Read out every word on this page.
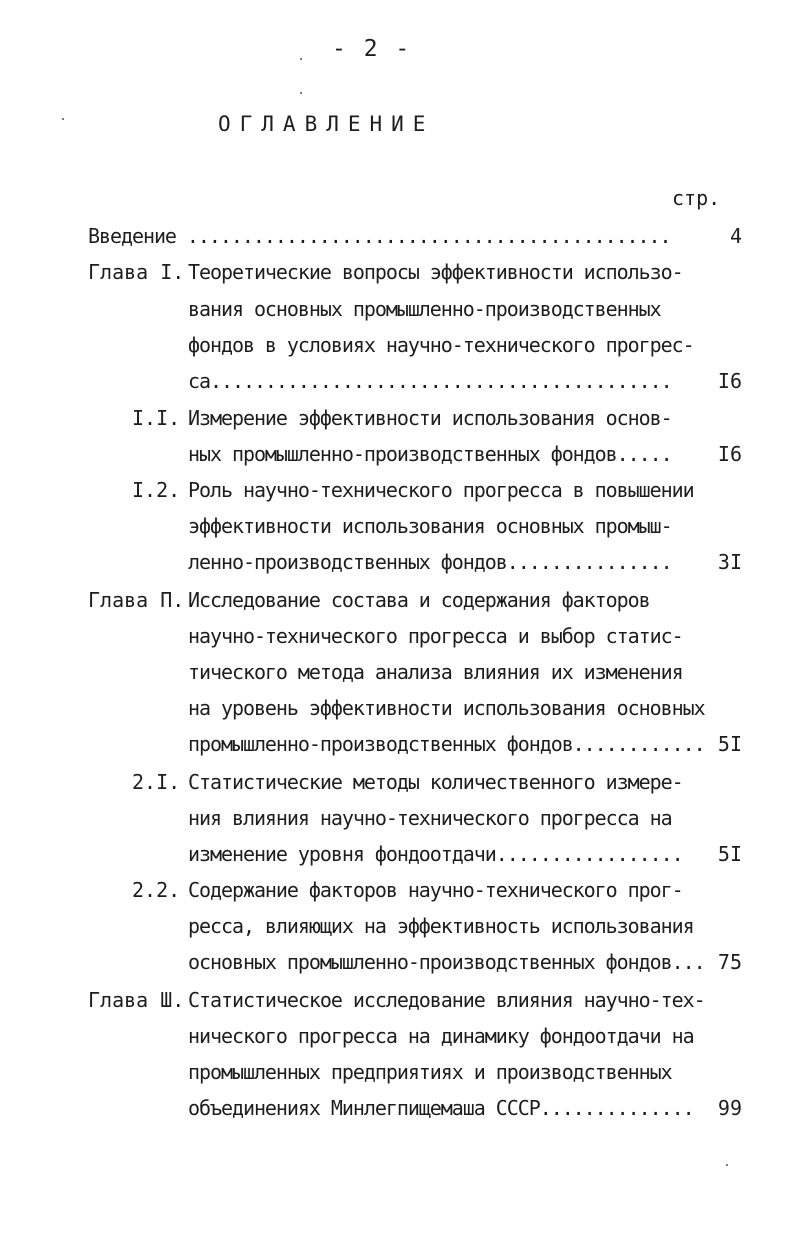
- 2 -
ОГЛАВЛЕНИЕ
стр.
Введение ............................................	4
Глава I. Теоретические вопросы эффективности использо-
вания основных промышленно-производственных
фондов в условиях научно-технического прогрес-
са.......................................... I6
I.I. Измерение эффективности использования основ-
ных промышленно-производственных фондов..... I6
I.2. Роль научно-технического прогресса в повышении
эффективности использования основных промыш-
ленно-производственных фондов............... 3I
Глава П. Исследование состава и содержания факторов
научно-технического прогресса и выбор статис-
тического метода анализа влияния их изменения
на уровень эффективности использования основных
промышленно-производственных фондов............ 5I
2.I. Статистические методы количественного измере-
ния влияния научно-технического прогресса на
изменение уровня фондоотдачи................. 5I
2.2. Содержание факторов научно-технического прог-
ресса, влияющих на эффективность использования
основных промышленно-производственных фондов... 75
Глава Ш. Статистическое исследование влияния научно-тех-
нического прогресса на динамику фондоотдачи на
промышленных предприятиях и производственных
объединениях Минлегпищемаша СССР.............. 99
